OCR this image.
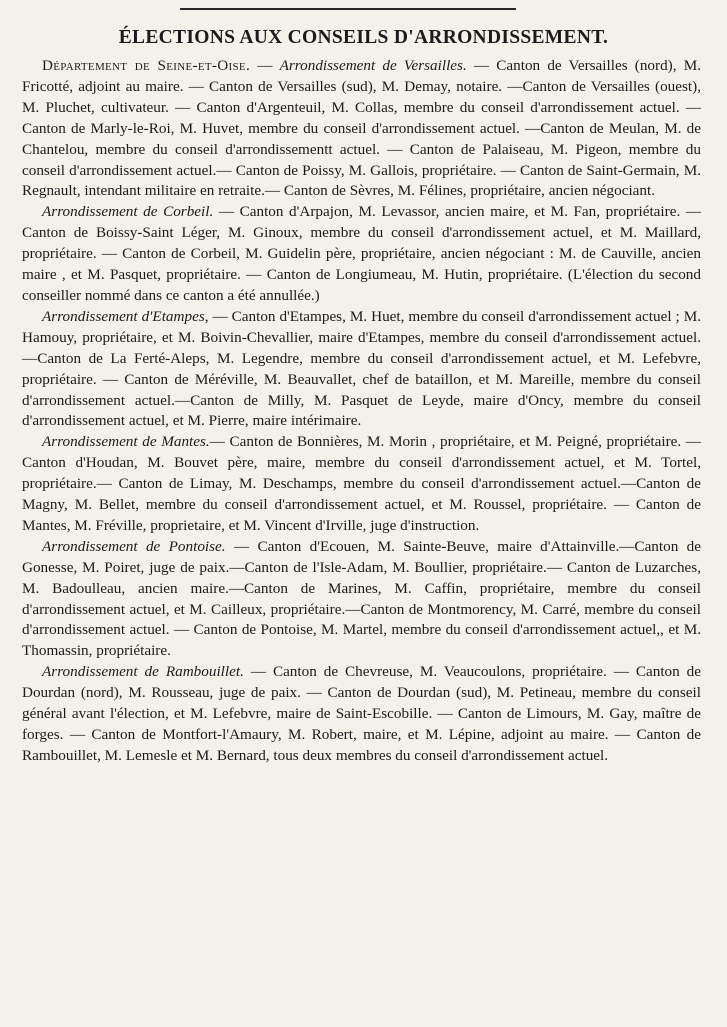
ÉLECTIONS AUX CONSEILS D'ARRONDISSEMENT.

Département de Seine-et-Oise. — Arrondissement de Versailles. — Canton de Versailles (nord), M. Fricotté, adjoint au maire. — Canton de Versailles (sud), M. Demay, notaire. —Canton de Versailles (ouest), M. Pluchet, cultivateur. — Canton d'Argenteuil, M. Collas, membre du conseil d'arrondissement actuel. — Canton de Marly-le-Roi, M. Huvet, membre du conseil d'arrondissement actuel. —Canton de Meulan, M. de Chantelou, membre du conseil d'arrondissementt actuel. — Canton de Palaiseau, M. Pigeon, membre du conseil d'arrondissement actuel.— Canton de Poissy, M. Gallois, propriétaire. — Canton de Saint-Germain, M. Regnault, intendant militaire en retraite.— Canton de Sèvres, M. Félines, propriétaire, ancien négociant.

Arrondissement de Corbeil. — Canton d'Arpajon, M. Levassor, ancien maire, et M. Fan, propriétaire. — Canton de Boissy-Saint Léger, M. Ginoux, membre du conseil d'arrondissement actuel, et M. Maillard, propriétaire. — Canton de Corbeil, M. Guidelin père, propriétaire, ancien négociant : M. de Cauville, ancien maire , et M. Pasquet, propriétaire. — Canton de Longiumeau, M. Hutin, propriétaire. (L'élection du second conseiller nommé dans ce canton a été annullée.)

Arrondissement d'Etampes, — Canton d'Etampes, M. Huet, membre du conseil d'arrondissement actuel ; M. Hamouy, propriétaire, et M. Boivin-Chevallier, maire d'Etampes, membre du conseil d'arrondissement actuel.—Canton de La Ferté-Aleps, M. Legendre, membre du conseil d'arrondissement actuel, et M. Lefebvre, propriétaire. — Canton de Méréville, M. Beauvallet, chef de bataillon, et M. Mareille, membre du conseil d'arrondissement actuel.—Canton de Milly, M. Pasquet de Leyde, maire d'Oncy, membre du conseil d'arrondissement actuel, et M. Pierre, maire intérimaire.

Arrondissement de Mantes.— Canton de Bonnières, M. Morin , propriétaire, et M. Peigné, propriétaire. —Canton d'Houdan, M. Bouvet père, maire, membre du conseil d'arrondissement actuel, et M. Tortel, propriétaire.— Canton de Limay, M. Deschamps, membre du conseil d'arrondissement actuel.—Canton de Magny, M. Bellet, membre du conseil d'arrondissement actuel, et M. Roussel, propriétaire. — Canton de Mantes, M. Fréville, proprietaire, et M. Vincent d'Irville, juge d'instruction.

Arrondissement de Pontoise. — Canton d'Ecouen, M. Sainte-Beuve, maire d'Attainville.—Canton de Gonesse, M. Poiret, juge de paix.—Canton de l'Isle-Adam, M. Boullier, propriétaire.— Canton de Luzarches, M. Badoulleau, ancien maire.—Canton de Marines, M. Caffin, propriétaire, membre du conseil d'arrondissement actuel, et M. Cailleux, propriétaire.—Canton de Montmorency, M. Carré, membre du conseil d'arrondissement actuel. — Canton de Pontoise, M. Martel, membre du conseil d'arrondissement actuel,, et M. Thomassin, propriétaire.

Arrondissement de Rambouillet. — Canton de Chevreuse, M. Veaucoulons, propriétaire. — Canton de Dourdan (nord), M. Rousseau, juge de paix. — Canton de Dourdan (sud), M. Petineau, membre du conseil général avant l'élection, et M. Lefebvre, maire de Saint-Escobille. — Canton de Limours, M. Gay, maître de forges. — Canton de Montfort-l'Amaury, M. Robert, maire, et M. Lépine, adjoint au maire. — Canton de Rambouillet, M. Lemesle et M. Bernard, tous deux membres du conseil d'arrondissement actuel.
